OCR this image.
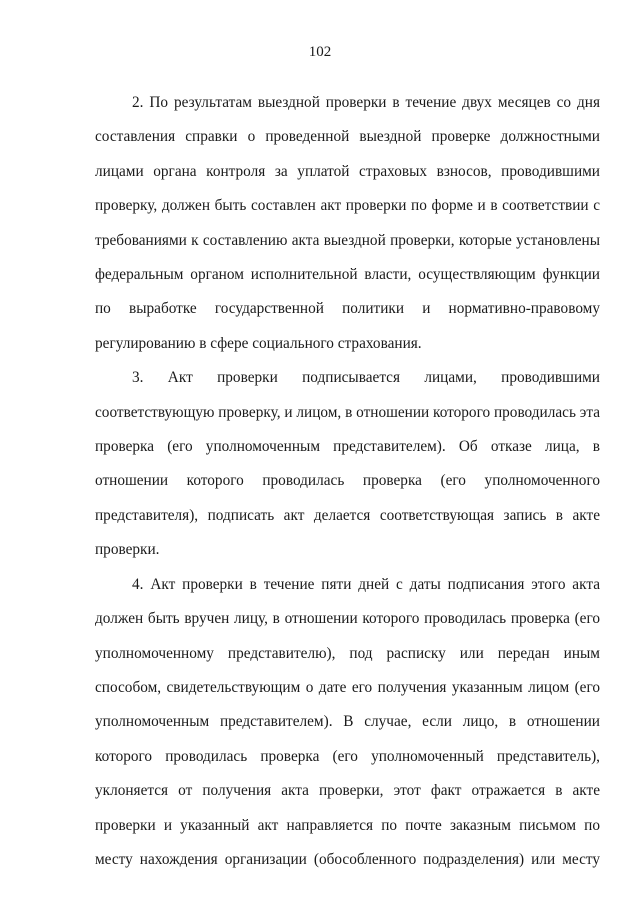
102

2. По результатам выездной проверки в течение двух месяцев со дня составления справки о проведенной выездной проверке должностными лицами органа контроля за уплатой страховых взносов, проводившими проверку, должен быть составлен акт проверки по форме и в соответствии с требованиями к составлению акта выездной проверки, которые установлены федеральным органом исполнительной власти, осуществляющим функции по выработке государственной политики и нормативно-правовому регулированию в сфере социального страхования.

3. Акт проверки подписывается лицами, проводившими соответствующую проверку, и лицом, в отношении которого проводилась эта проверка (его уполномоченным представителем). Об отказе лица, в отношении которого проводилась проверка (его уполномоченного представителя), подписать акт делается соответствующая запись в акте проверки.

4. Акт проверки в течение пяти дней с даты подписания этого акта должен быть вручен лицу, в отношении которого проводилась проверка (его уполномоченному представителю), под расписку или передан иным способом, свидетельствующим о дате его получения указанным лицом (его уполномоченным представителем). В случае, если лицо, в отношении которого проводилась проверка (его уполномоченный представитель), уклоняется от получения акта проверки, этот факт отражается в акте проверки и указанный акт направляется по почте заказным письмом по месту нахождения организации (обособленного подразделения) или месту
